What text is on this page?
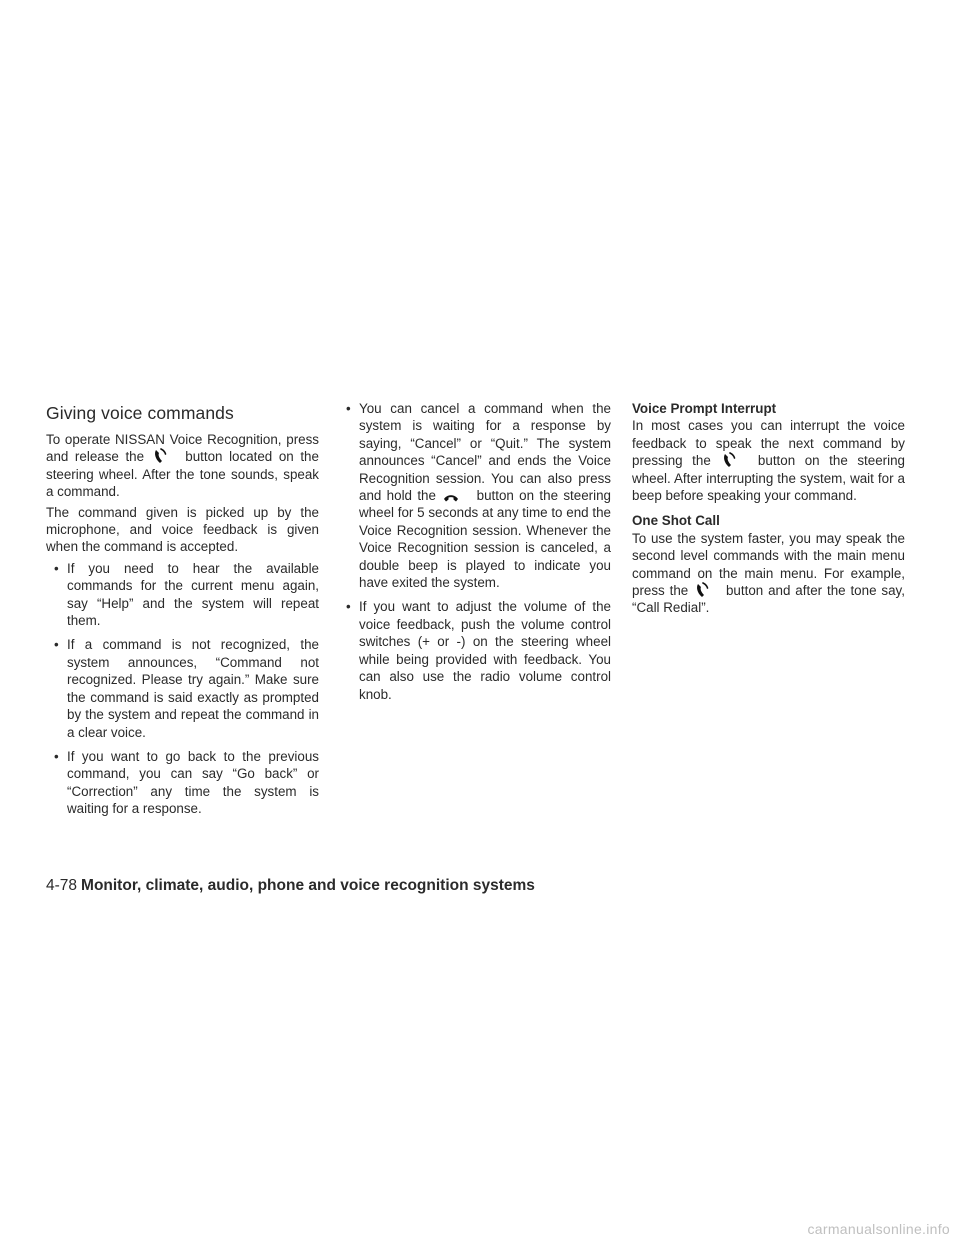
Giving voice commands

To operate NISSAN Voice Recognition, press and release the	button located on the steering wheel. After the tone sounds, speak a command.

The command given is picked up by the microphone, and voice feedback is given when the command is accepted.

• If you need to hear the available commands for the current menu again, say “Help” and the system will repeat them.
• If a command is not recognized, the system announces, “Command not recognized. Please try again.” Make sure the command is said exactly as prompted by the system and repeat the command in a clear voice.
• If you want to go back to the previous command, you can say “Go back” or “Correction” any time the system is waiting for a response.
• You can cancel a command when the system is waiting for a response by saying, “Cancel” or “Quit.” The system announces “Cancel” and ends the Voice Recognition session. You can also press and hold the	button on the steering wheel for 5 seconds at any time to end the Voice Recognition session. Whenever the Voice Recognition session is canceled, a double beep is played to indicate you have exited the system.
• If you want to adjust the volume of the voice feedback, push the volume control switches (+ or -) on the steering wheel while being provided with feedback. You can also use the radio volume control knob.
Voice Prompt Interrupt

In most cases you can interrupt the voice feedback to speak the next command by pressing the	button on the steering wheel. After interrupting the system, wait for a beep before speaking your command.

One Shot Call

To use the system faster, you may speak the second level commands with the main menu command on the main menu. For example, press the	button and after the tone say, “Call Redial”.

4-78 Monitor, climate, audio, phone and voice recognition systems
carmanualsonline.info
